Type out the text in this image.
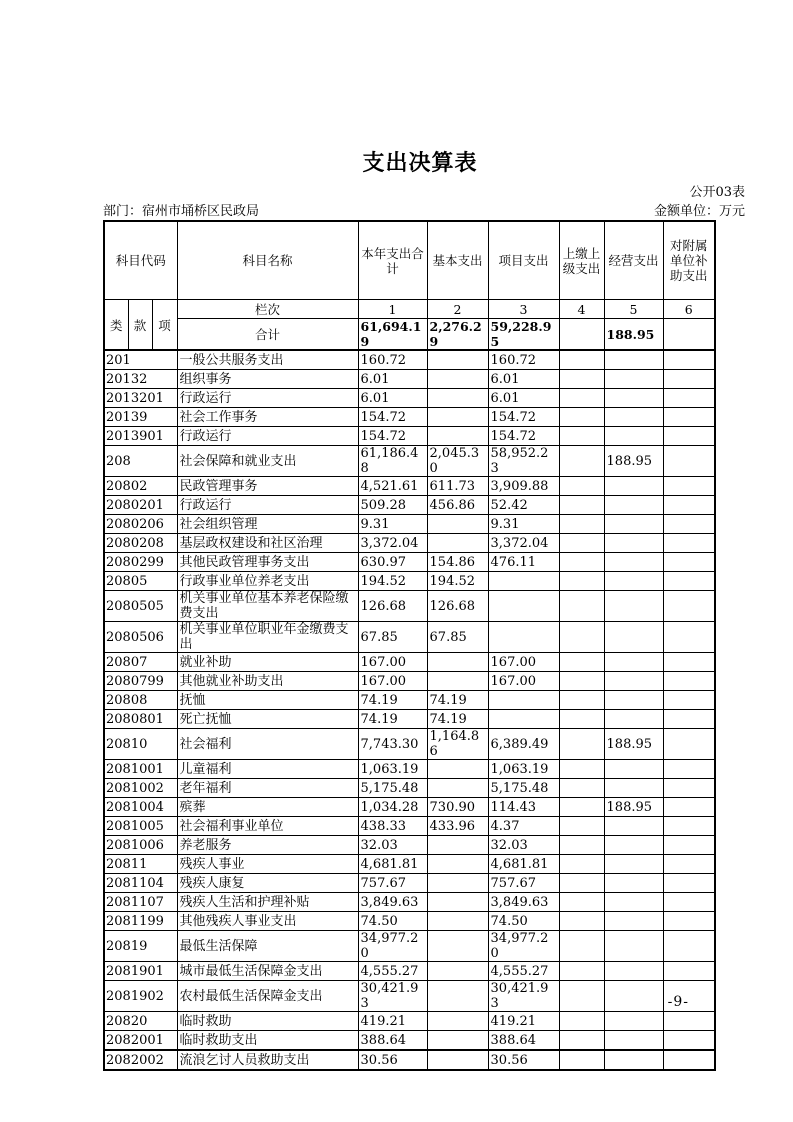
支出决算表
公开03表
部门：宿州市埇桥区民政局	金额单位：万元
科目代码			科目名称	本年支出合计	基本支出	项目支出	上缴上级支出	经营支出	对附属单位补助支出
类	款	项	栏次	1	2	3	4	5	6
			合计	61,694.19	2,276.29	59,228.95		188.95	
201			一般公共服务支出	160.72		160.72			
20132			组织事务	6.01		6.01			
2013201			行政运行	6.01		6.01			
20139			社会工作事务	154.72		154.72			
2013901			行政运行	154.72		154.72			
208			社会保障和就业支出	61,186.48	2,045.30	58,952.23		188.95	
20802			民政管理事务	4,521.61	611.73	3,909.88			
2080201			行政运行	509.28	456.86	52.42			
2080206			社会组织管理	9.31		9.31			
2080208			基层政权建设和社区治理	3,372.04		3,372.04			
2080299			其他民政管理事务支出	630.97	154.86	476.11			
20805			行政事业单位养老支出	194.52	194.52				
2080505			机关事业单位基本养老保险缴费支出	126.68	126.68				
2080506			机关事业单位职业年金缴费支出	67.85	67.85				
20807			就业补助	167.00		167.00			
2080799			其他就业补助支出	167.00		167.00			
20808			抚恤	74.19	74.19				
2080801			死亡抚恤	74.19	74.19				
20810			社会福利	7,743.30	1,164.86	6,389.49		188.95	
2081001			儿童福利	1,063.19		1,063.19			
2081002			老年福利	5,175.48		5,175.48			
2081004			殡葬	1,034.28	730.90	114.43		188.95	
2081005			社会福利事业单位	438.33	433.96	4.37			
2081006			养老服务	32.03		32.03			
20811			残疾人事业	4,681.81		4,681.81			
2081104			残疾人康复	757.67		757.67			
2081107			残疾人生活和护理补贴	3,849.63		3,849.63			
2081199			其他残疾人事业支出	74.50		74.50			
20819			最低生活保障	34,977.20		34,977.20			
2081901			城市最低生活保障金支出	4,555.27		4,555.27			
2081902			农村最低生活保障金支出	30,421.93		30,421.93			
20820			临时救助	419.21		419.21			
2082001			临时救助支出	388.64		388.64			
2082002			流浪乞讨人员救助支出	30.56		30.56			
-9-
